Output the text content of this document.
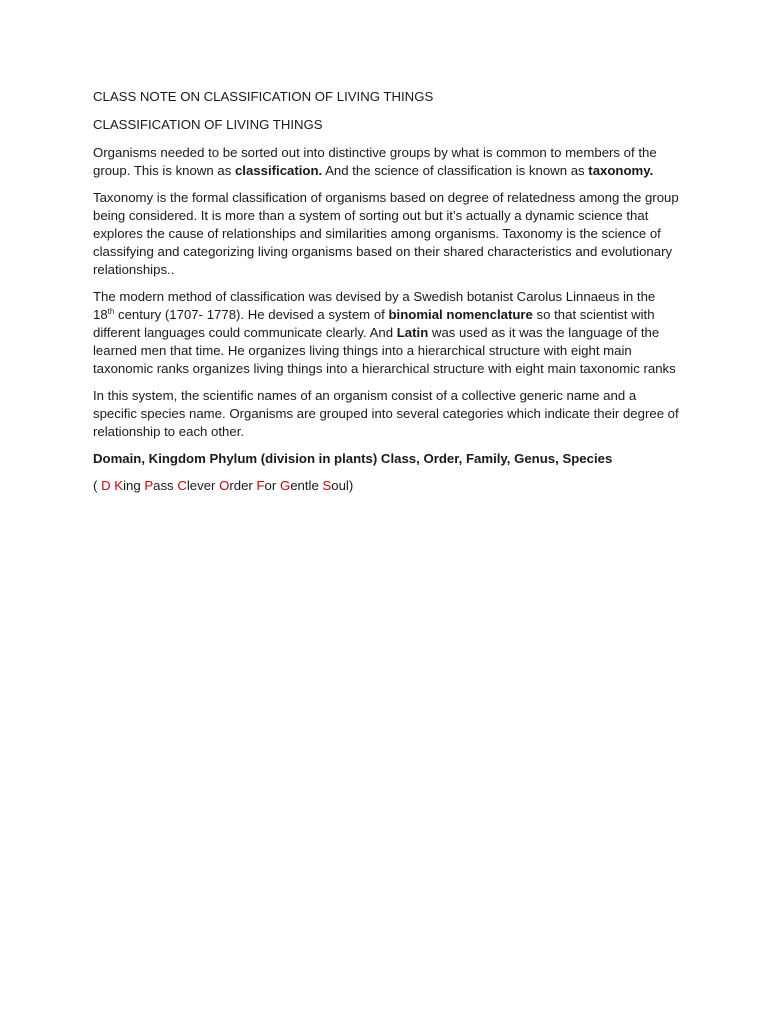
CLASS NOTE ON CLASSIFICATION OF LIVING THINGS

CLASSIFICATION OF LIVING THINGS

Organisms needed to be sorted out into distinctive groups by what is common to members of the group. This is known as classification. And the science of classification is known as taxonomy.

Taxonomy is the formal classification of organisms based on degree of relatedness among the group being considered. It is more than a system of sorting out but it’s actually a dynamic science that explores the cause of relationships and similarities among organisms. Taxonomy is the science of classifying and categorizing living organisms based on their shared characteristics and evolutionary relationships..

The modern method of classification was devised by a Swedish botanist Carolus Linnaeus in the 18th century (1707- 1778). He devised a system of binomial nomenclature so that scientist with different languages could communicate clearly. And Latin was used as it was the language of the learned men that time. He organizes living things into a hierarchical structure with eight main taxonomic ranks organizes living things into a hierarchical structure with eight main taxonomic ranks

In this system, the scientific names of an organism consist of a collective generic name and a specific species name. Organisms are grouped into several categories which indicate their degree of relationship to each other.

Domain, Kingdom Phylum (division in plants) Class, Order, Family, Genus, Species

( D King Pass Clever Order For Gentle Soul)
